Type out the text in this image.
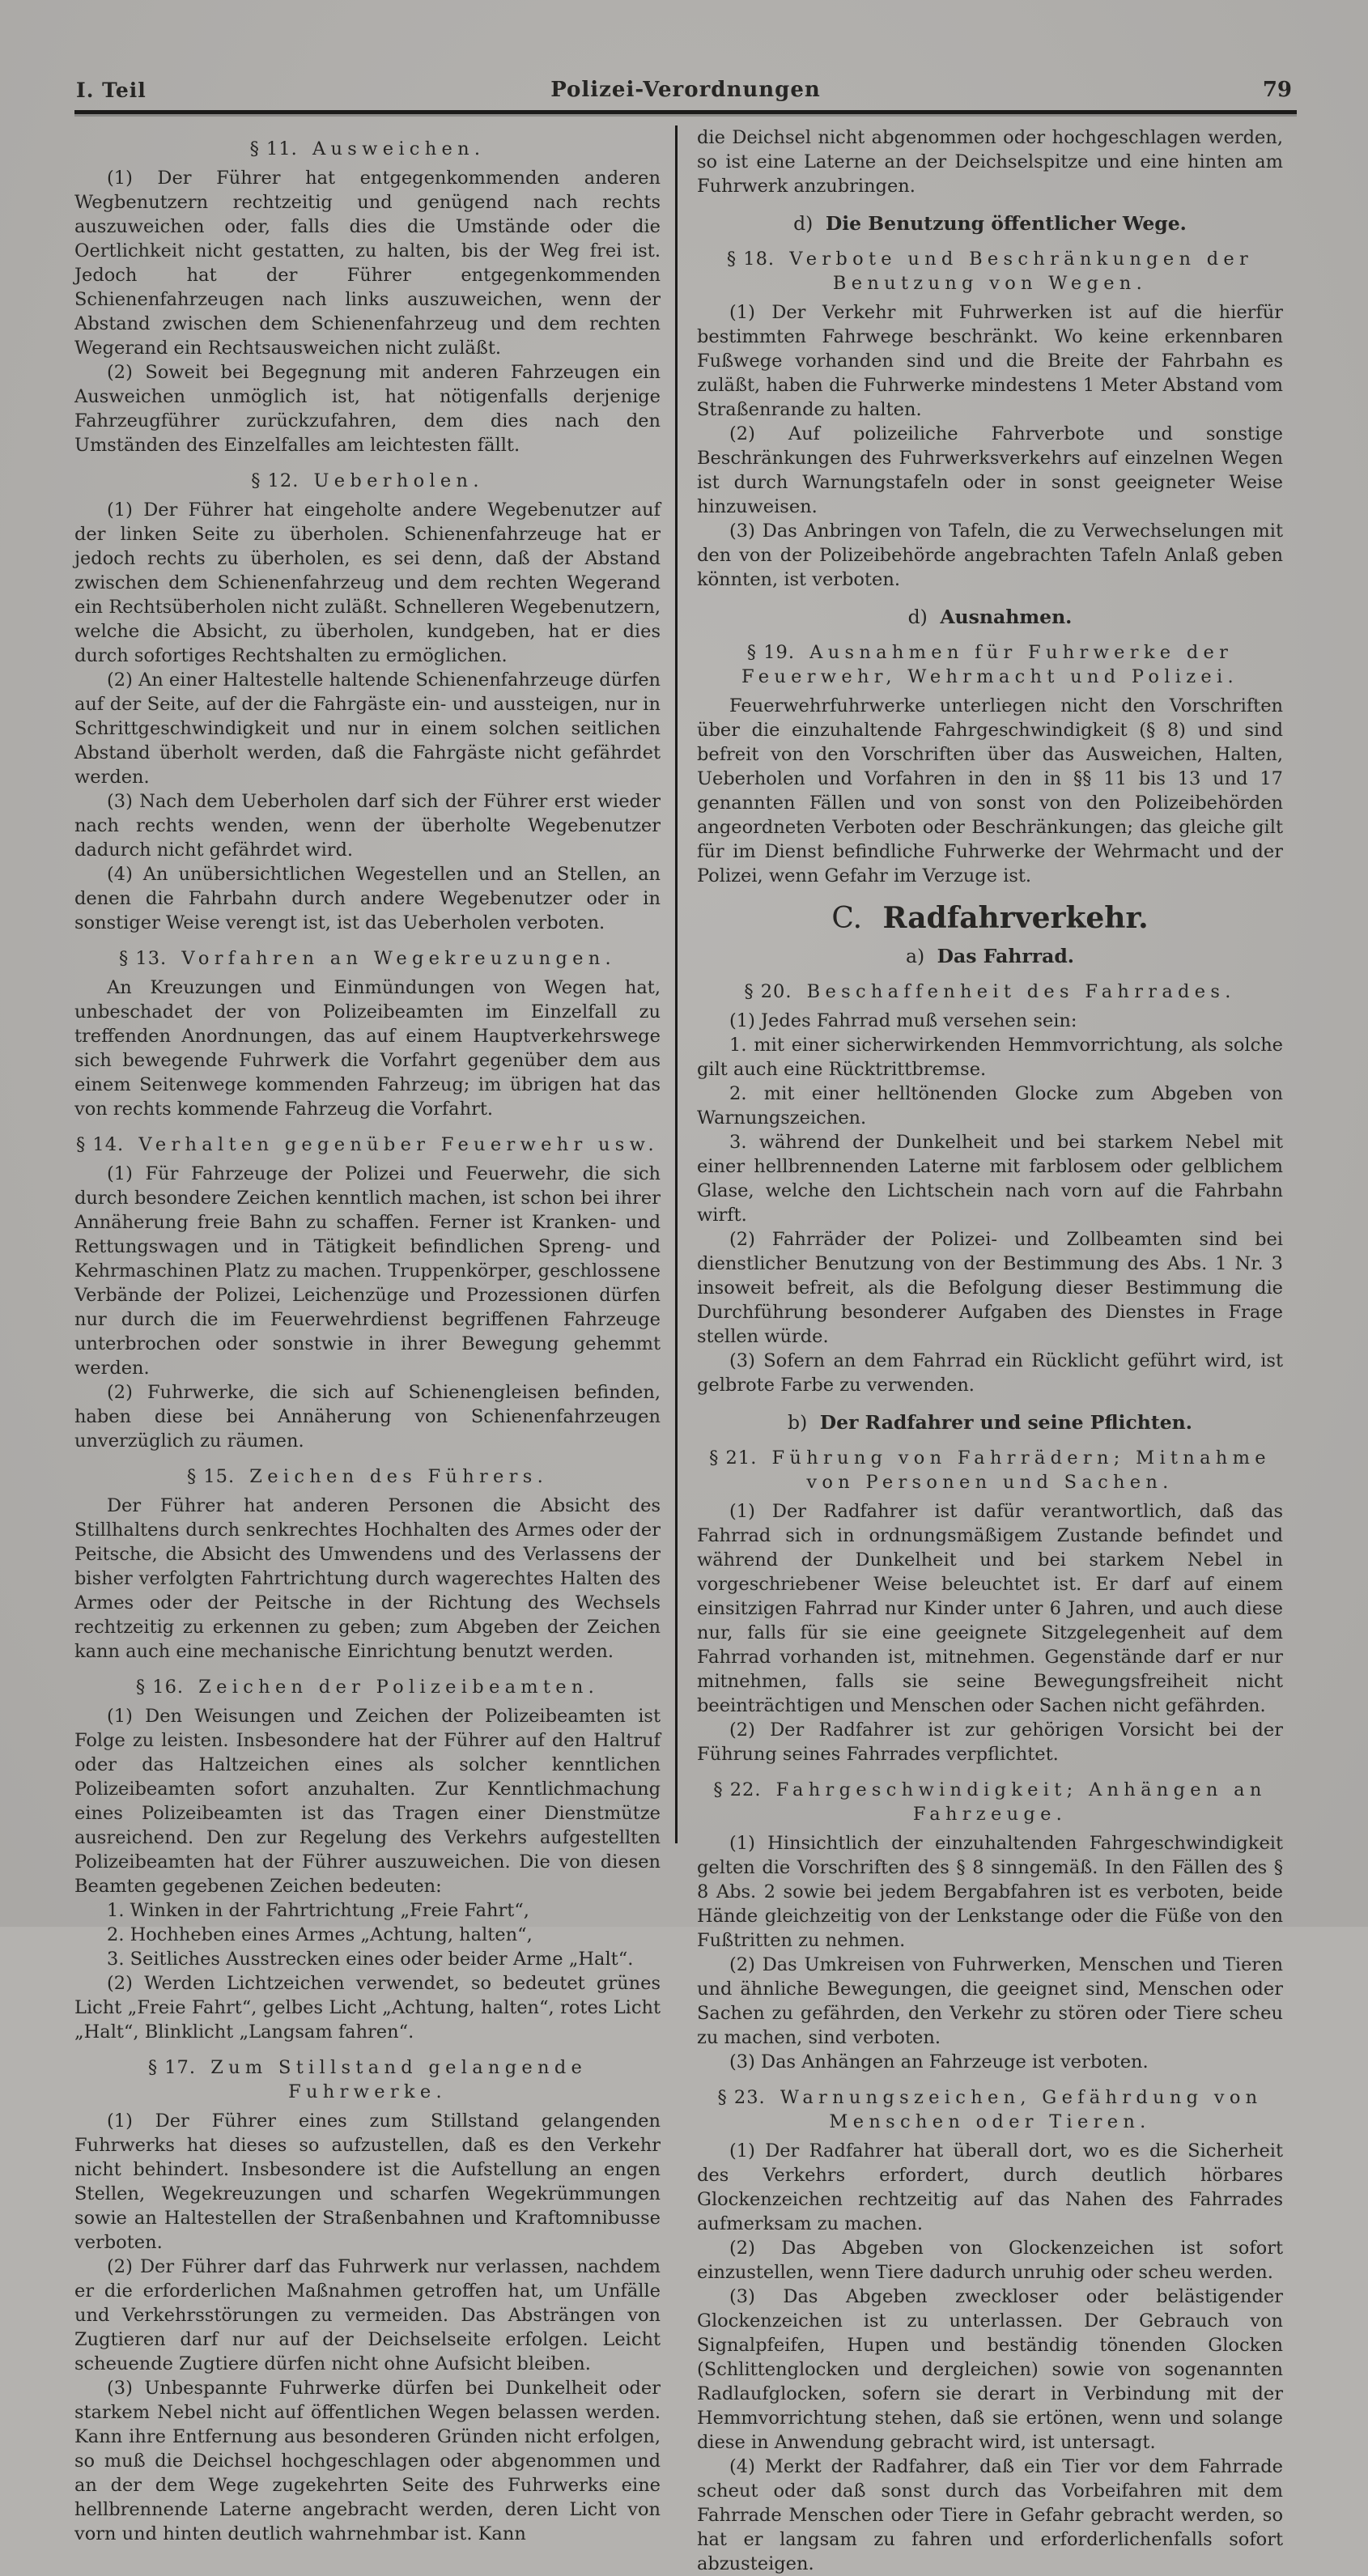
I. Teil	Polizei-Verordnungen	79
§ 11. Ausweichen.
(1) Der Führer hat entgegenkommenden anderen Wegbenutzern rechtzeitig und genügend nach rechts auszuweichen oder, falls dies die Umstände oder die Oertlichkeit nicht gestatten, zu halten, bis der Weg frei ist. Jedoch hat der Führer entgegenkommenden Schienenfahrzeugen nach links auszuweichen, wenn der Abstand zwischen dem Schienenfahrzeug und dem rechten Wegerand ein Rechtsausweichen nicht zuläßt.
(2) Soweit bei Begegnung mit anderen Fahrzeugen ein Ausweichen unmöglich ist, hat nötigenfalls derjenige Fahrzeugführer zurückzufahren, dem dies nach den Umständen des Einzelfalles am leichtesten fällt.
§ 12. Ueberholen.
(1) Der Führer hat eingeholte andere Wegebenutzer auf der linken Seite zu überholen. Schienenfahrzeuge hat er jedoch rechts zu überholen, es sei denn, daß der Abstand zwischen dem Schienenfahrzeug und dem rechten Wegerand ein Rechtsüberholen nicht zuläßt. Schnelleren Wegebenutzern, welche die Absicht, zu überholen, kundgeben, hat er dies durch sofortiges Rechtshalten zu ermöglichen.
(2) An einer Haltestelle haltende Schienenfahrzeuge dürfen auf der Seite, auf der die Fahrgäste ein- und aussteigen, nur in Schrittgeschwindigkeit und nur in einem solchen seitlichen Abstand überholt werden, daß die Fahrgäste nicht gefährdet werden.
(3) Nach dem Ueberholen darf sich der Führer erst wieder nach rechts wenden, wenn der überholte Wegebenutzer dadurch nicht gefährdet wird.
(4) An unübersichtlichen Wegestellen und an Stellen, an denen die Fahrbahn durch andere Wegebenutzer oder in sonstiger Weise verengt ist, ist das Ueberholen verboten.
§ 13. Vorfahren an Wegekreuzungen.
An Kreuzungen und Einmündungen von Wegen hat, unbeschadet der von Polizeibeamten im Einzelfall zu treffenden Anordnungen, das auf einem Hauptverkehrswege sich bewegende Fuhrwerk die Vorfahrt gegenüber dem aus einem Seitenwege kommenden Fahrzeug; im übrigen hat das von rechts kommende Fahrzeug die Vorfahrt.
§ 14. Verhalten gegenüber Feuerwehr usw.
(1) Für Fahrzeuge der Polizei und Feuerwehr, die sich durch besondere Zeichen kenntlich machen, ist schon bei ihrer Annäherung freie Bahn zu schaffen. Ferner ist Kranken- und Rettungswagen und in Tätigkeit befindlichen Spreng- und Kehrmaschinen Platz zu machen. Truppenkörper, geschlossene Verbände der Polizei, Leichenzüge und Prozessionen dürfen nur durch die im Feuerwehrdienst begriffenen Fahrzeuge unterbrochen oder sonstwie in ihrer Bewegung gehemmt werden.
(2) Fuhrwerke, die sich auf Schienengleisen befinden, haben diese bei Annäherung von Schienenfahrzeugen unverzüglich zu räumen.
§ 15. Zeichen des Führers.
Der Führer hat anderen Personen die Absicht des Stillhaltens durch senkrechtes Hochhalten des Armes oder der Peitsche, die Absicht des Umwendens und des Verlassens der bisher verfolgten Fahrtrichtung durch wagerechtes Halten des Armes oder der Peitsche in der Richtung des Wechsels rechtzeitig zu erkennen zu geben; zum Abgeben der Zeichen kann auch eine mechanische Einrichtung benutzt werden.
§ 16. Zeichen der Polizeibeamten.
(1) Den Weisungen und Zeichen der Polizeibeamten ist Folge zu leisten. Insbesondere hat der Führer auf den Haltruf oder das Haltzeichen eines als solcher kenntlichen Polizeibeamten sofort anzuhalten. Zur Kenntlichmachung eines Polizeibeamten ist das Tragen einer Dienstmütze ausreichend. Den zur Regelung des Verkehrs aufgestellten Polizeibeamten hat der Führer auszuweichen. Die von diesen Beamten gegebenen Zeichen bedeuten:
1. Winken in der Fahrtrichtung „Freie Fahrt“,
2. Hochheben eines Armes „Achtung, halten“,
3. Seitliches Ausstrecken eines oder beider Arme „Halt“.
(2) Werden Lichtzeichen verwendet, so bedeutet grünes Licht „Freie Fahrt“, gelbes Licht „Achtung, halten“, rotes Licht „Halt“, Blinklicht „Langsam fahren“.
§ 17. Zum Stillstand gelangende Fuhrwerke.
(1) Der Führer eines zum Stillstand gelangenden Fuhrwerks hat dieses so aufzustellen, daß es den Verkehr nicht behindert. Insbesondere ist die Aufstellung an engen Stellen, Wegekreuzungen und scharfen Wegekrümmungen sowie an Haltestellen der Straßenbahnen und Kraftomnibusse verboten.
(2) Der Führer darf das Fuhrwerk nur verlassen, nachdem er die erforderlichen Maßnahmen getroffen hat, um Unfälle und Verkehrsstörungen zu vermeiden. Das Absträngen von Zugtieren darf nur auf der Deichselseite erfolgen. Leicht scheuende Zugtiere dürfen nicht ohne Aufsicht bleiben.
(3) Unbespannte Fuhrwerke dürfen bei Dunkelheit oder starkem Nebel nicht auf öffentlichen Wegen belassen werden. Kann ihre Entfernung aus besonderen Gründen nicht erfolgen, so muß die Deichsel hochgeschlagen oder abgenommen und an der dem Wege zugekehrten Seite des Fuhrwerks eine hellbrennende Laterne angebracht werden, deren Licht von vorn und hinten deutlich wahrnehmbar ist. Kann
die Deichsel nicht abgenommen oder hochgeschlagen werden, so ist eine Laterne an der Deichselspitze und eine hinten am Fuhrwerk anzubringen.
d) Die Benutzung öffentlicher Wege.
§ 18. Verbote und Beschränkungen der Benutzung von Wegen.
(1) Der Verkehr mit Fuhrwerken ist auf die hierfür bestimmten Fahrwege beschränkt. Wo keine erkennbaren Fußwege vorhanden sind und die Breite der Fahrbahn es zuläßt, haben die Fuhrwerke mindestens 1 Meter Abstand vom Straßenrande zu halten.
(2) Auf polizeiliche Fahrverbote und sonstige Beschränkungen des Fuhrwerksverkehrs auf einzelnen Wegen ist durch Warnungstafeln oder in sonst geeigneter Weise hinzuweisen.
(3) Das Anbringen von Tafeln, die zu Verwechselungen mit den von der Polizeibehörde angebrachten Tafeln Anlaß geben könnten, ist verboten.
d) Ausnahmen.
§ 19. Ausnahmen für Fuhrwerke der Feuerwehr, Wehrmacht und Polizei.
Feuerwehrfuhrwerke unterliegen nicht den Vorschriften über die einzuhaltende Fahrgeschwindigkeit (§ 8) und sind befreit von den Vorschriften über das Ausweichen, Halten, Ueberholen und Vorfahren in den in §§ 11 bis 13 und 17 genannten Fällen und von sonst von den Polizeibehörden angeordneten Verboten oder Beschränkungen; das gleiche gilt für im Dienst befindliche Fuhrwerke der Wehrmacht und der Polizei, wenn Gefahr im Verzuge ist.
C. Radfahrverkehr.
a) Das Fahrrad.
§ 20. Beschaffenheit des Fahrrades.
(1) Jedes Fahrrad muß versehen sein:
1. mit einer sicherwirkenden Hemmvorrichtung, als solche gilt auch eine Rücktrittbremse.
2. mit einer helltönenden Glocke zum Abgeben von Warnungszeichen.
3. während der Dunkelheit und bei starkem Nebel mit einer hellbrennenden Laterne mit farblosem oder gelblichem Glase, welche den Lichtschein nach vorn auf die Fahrbahn wirft.
(2) Fahrräder der Polizei- und Zollbeamten sind bei dienstlicher Benutzung von der Bestimmung des Abs. 1 Nr. 3 insoweit befreit, als die Befolgung dieser Bestimmung die Durchführung besonderer Aufgaben des Dienstes in Frage stellen würde.
(3) Sofern an dem Fahrrad ein Rücklicht geführt wird, ist gelbrote Farbe zu verwenden.
b) Der Radfahrer und seine Pflichten.
§ 21. Führung von Fahrrädern; Mitnahme von Personen und Sachen.
(1) Der Radfahrer ist dafür verantwortlich, daß das Fahrrad sich in ordnungsmäßigem Zustande befindet und während der Dunkelheit und bei starkem Nebel in vorgeschriebener Weise beleuchtet ist. Er darf auf einem einsitzigen Fahrrad nur Kinder unter 6 Jahren, und auch diese nur, falls für sie eine geeignete Sitzgelegenheit auf dem Fahrrad vorhanden ist, mitnehmen. Gegenstände darf er nur mitnehmen, falls sie seine Bewegungsfreiheit nicht beeinträchtigen und Menschen oder Sachen nicht gefährden.
(2) Der Radfahrer ist zur gehörigen Vorsicht bei der Führung seines Fahrrades verpflichtet.
§ 22. Fahrgeschwindigkeit; Anhängen an Fahrzeuge.
(1) Hinsichtlich der einzuhaltenden Fahrgeschwindigkeit gelten die Vorschriften des § 8 sinngemäß. In den Fällen des § 8 Abs. 2 sowie bei jedem Bergabfahren ist es verboten, beide Hände gleichzeitig von der Lenkstange oder die Füße von den Fußtritten zu nehmen.
(2) Das Umkreisen von Fuhrwerken, Menschen und Tieren und ähnliche Bewegungen, die geeignet sind, Menschen oder Sachen zu gefährden, den Verkehr zu stören oder Tiere scheu zu machen, sind verboten.
(3) Das Anhängen an Fahrzeuge ist verboten.
§ 23. Warnungszeichen, Gefährdung von Menschen oder Tieren.
(1) Der Radfahrer hat überall dort, wo es die Sicherheit des Verkehrs erfordert, durch deutlich hörbares Glockenzeichen rechtzeitig auf das Nahen des Fahrrades aufmerksam zu machen.
(2) Das Abgeben von Glockenzeichen ist sofort einzustellen, wenn Tiere dadurch unruhig oder scheu werden.
(3) Das Abgeben zweckloser oder belästigender Glockenzeichen ist zu unterlassen. Der Gebrauch von Signalpfeifen, Hupen und beständig tönenden Glocken (Schlittenglocken und dergleichen) sowie von sogenannten Radlaufglocken, sofern sie derart in Verbindung mit der Hemmvorrichtung stehen, daß sie ertönen, wenn und solange diese in Anwendung gebracht wird, ist untersagt.
(4) Merkt der Radfahrer, daß ein Tier vor dem Fahrrade scheut oder daß sonst durch das Vorbeifahren mit dem Fahrrade Menschen oder Tiere in Gefahr gebracht werden, so hat er langsam zu fahren und erforderlichenfalls sofort abzusteigen.
